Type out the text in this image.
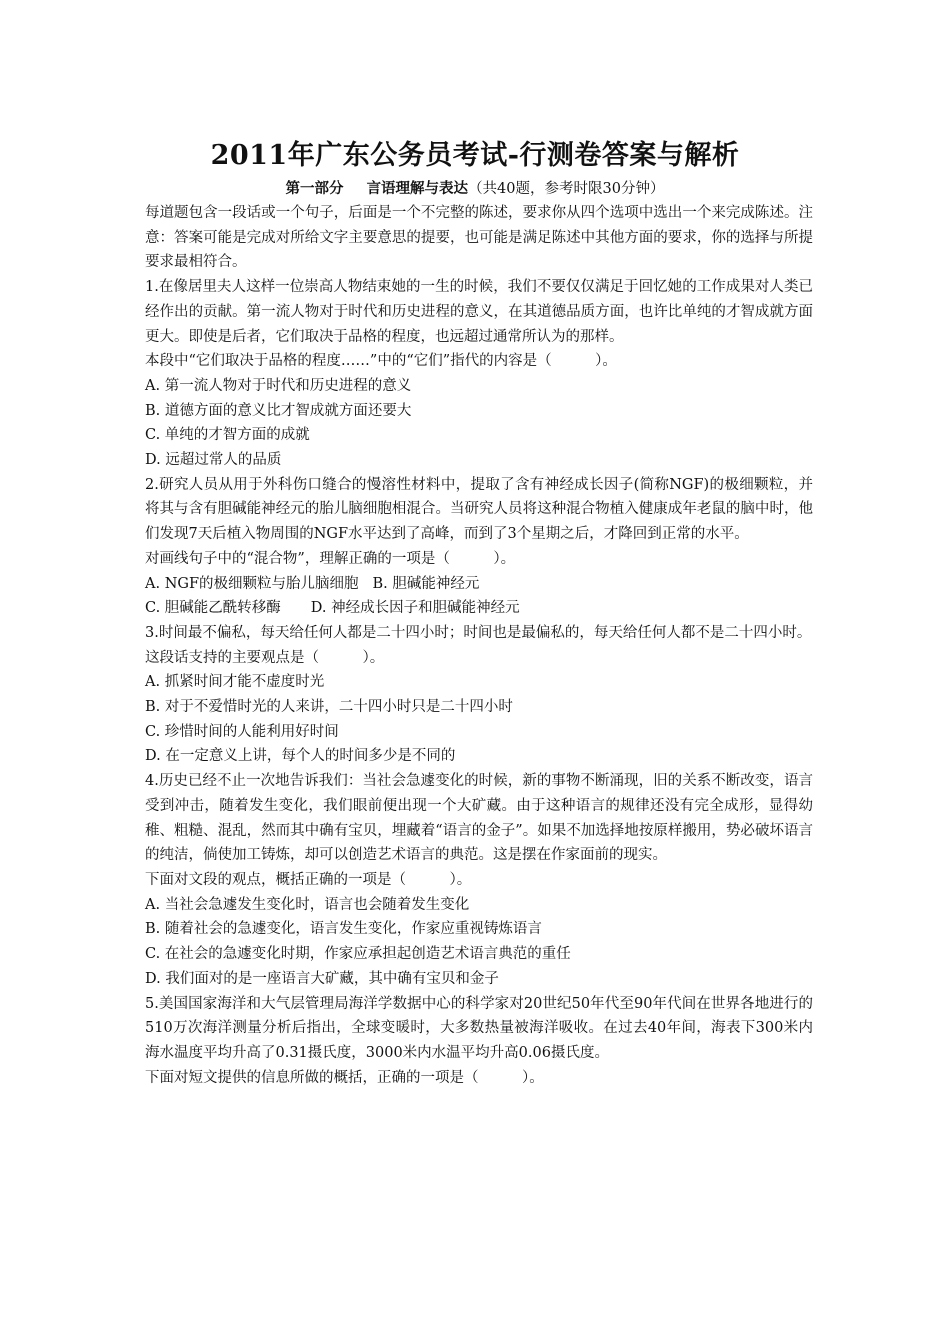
2011年广东公务员考试-行测卷答案与解析
第一部分 言语理解与表达（共40题，参考时限30分钟）

每道题包含一段话或一个句子，后面是一个不完整的陈述，要求你从四个选项中选出一个来完成陈述。注意：答案可能是完成对所给文字主要意思的提要，也可能是满足陈述中其他方面的要求，你的选择与所提要求最相符合。

1.在像居里夫人这样一位崇高人物结束她的一生的时候，我们不要仅仅满足于回忆她的工作成果对人类已经作出的贡献。第一流人物对于时代和历史进程的意义，在其道德品质方面，也许比单纯的才智成就方面更大。即使是后者，它们取决于品格的程度，也远超过通常所认为的那样。

本段中“它们取决于品格的程度……”中的“它们”指代的内容是（　　　）。

A. 第一流人物对于时代和历史进程的意义

B. 道德方面的意义比才智成就方面还要大

C. 单纯的才智方面的成就

D. 远超过常人的品质

2.研究人员从用于外科伤口缝合的慢溶性材料中，提取了含有神经成长因子(简称NGF)的极细颗粒，并将其与含有胆碱能神经元的胎儿脑细胞相混合。当研究人员将这种混合物植入健康成年老鼠的脑中时，他们发现7天后植入物周围的NGF水平达到了高峰，而到了3个星期之后，才降回到正常的水平。

对画线句子中的“混合物”，理解正确的一项是（　　　）。

A. NGF的极细颗粒与胎儿脑细胞 B. 胆碱能神经元

C. 胆碱能乙酰转移酶 D. 神经成长因子和胆碱能神经元

3.时间最不偏私，每天给任何人都是二十四小时；时间也是最偏私的，每天给任何人都不是二十四小时。

这段话支持的主要观点是（　　　）。

A. 抓紧时间才能不虚度时光

B. 对于不爱惜时光的人来讲，二十四小时只是二十四小时

C. 珍惜时间的人能利用好时间

D. 在一定意义上讲，每个人的时间多少是不同的

4.历史已经不止一次地告诉我们：当社会急遽变化的时候，新的事物不断涌现，旧的关系不断改变，语言受到冲击，随着发生变化，我们眼前便出现一个大矿藏。由于这种语言的规律还没有完全成形，显得幼稚、粗糙、混乱，然而其中确有宝贝，埋藏着“语言的金子”。如果不加选择地按原样搬用，势必破坏语言的纯洁，倘使加工铸炼，却可以创造艺术语言的典范。这是摆在作家面前的现实。

下面对文段的观点，概括正确的一项是（　　　）。

A. 当社会急遽发生变化时，语言也会随着发生变化

B. 随着社会的急遽变化，语言发生变化，作家应重视铸炼语言

C. 在社会的急遽变化时期，作家应承担起创造艺术语言典范的重任

D. 我们面对的是一座语言大矿藏，其中确有宝贝和金子

5.美国国家海洋和大气层管理局海洋学数据中心的科学家对20世纪50年代至90年代间在世界各地进行的510万次海洋测量分析后指出，全球变暖时，大多数热量被海洋吸收。在过去40年间，海表下300米内海水温度平均升高了0.31摄氏度，3000米内水温平均升高0.06摄氏度。

下面对短文提供的信息所做的概括，正确的一项是（　　　）。
